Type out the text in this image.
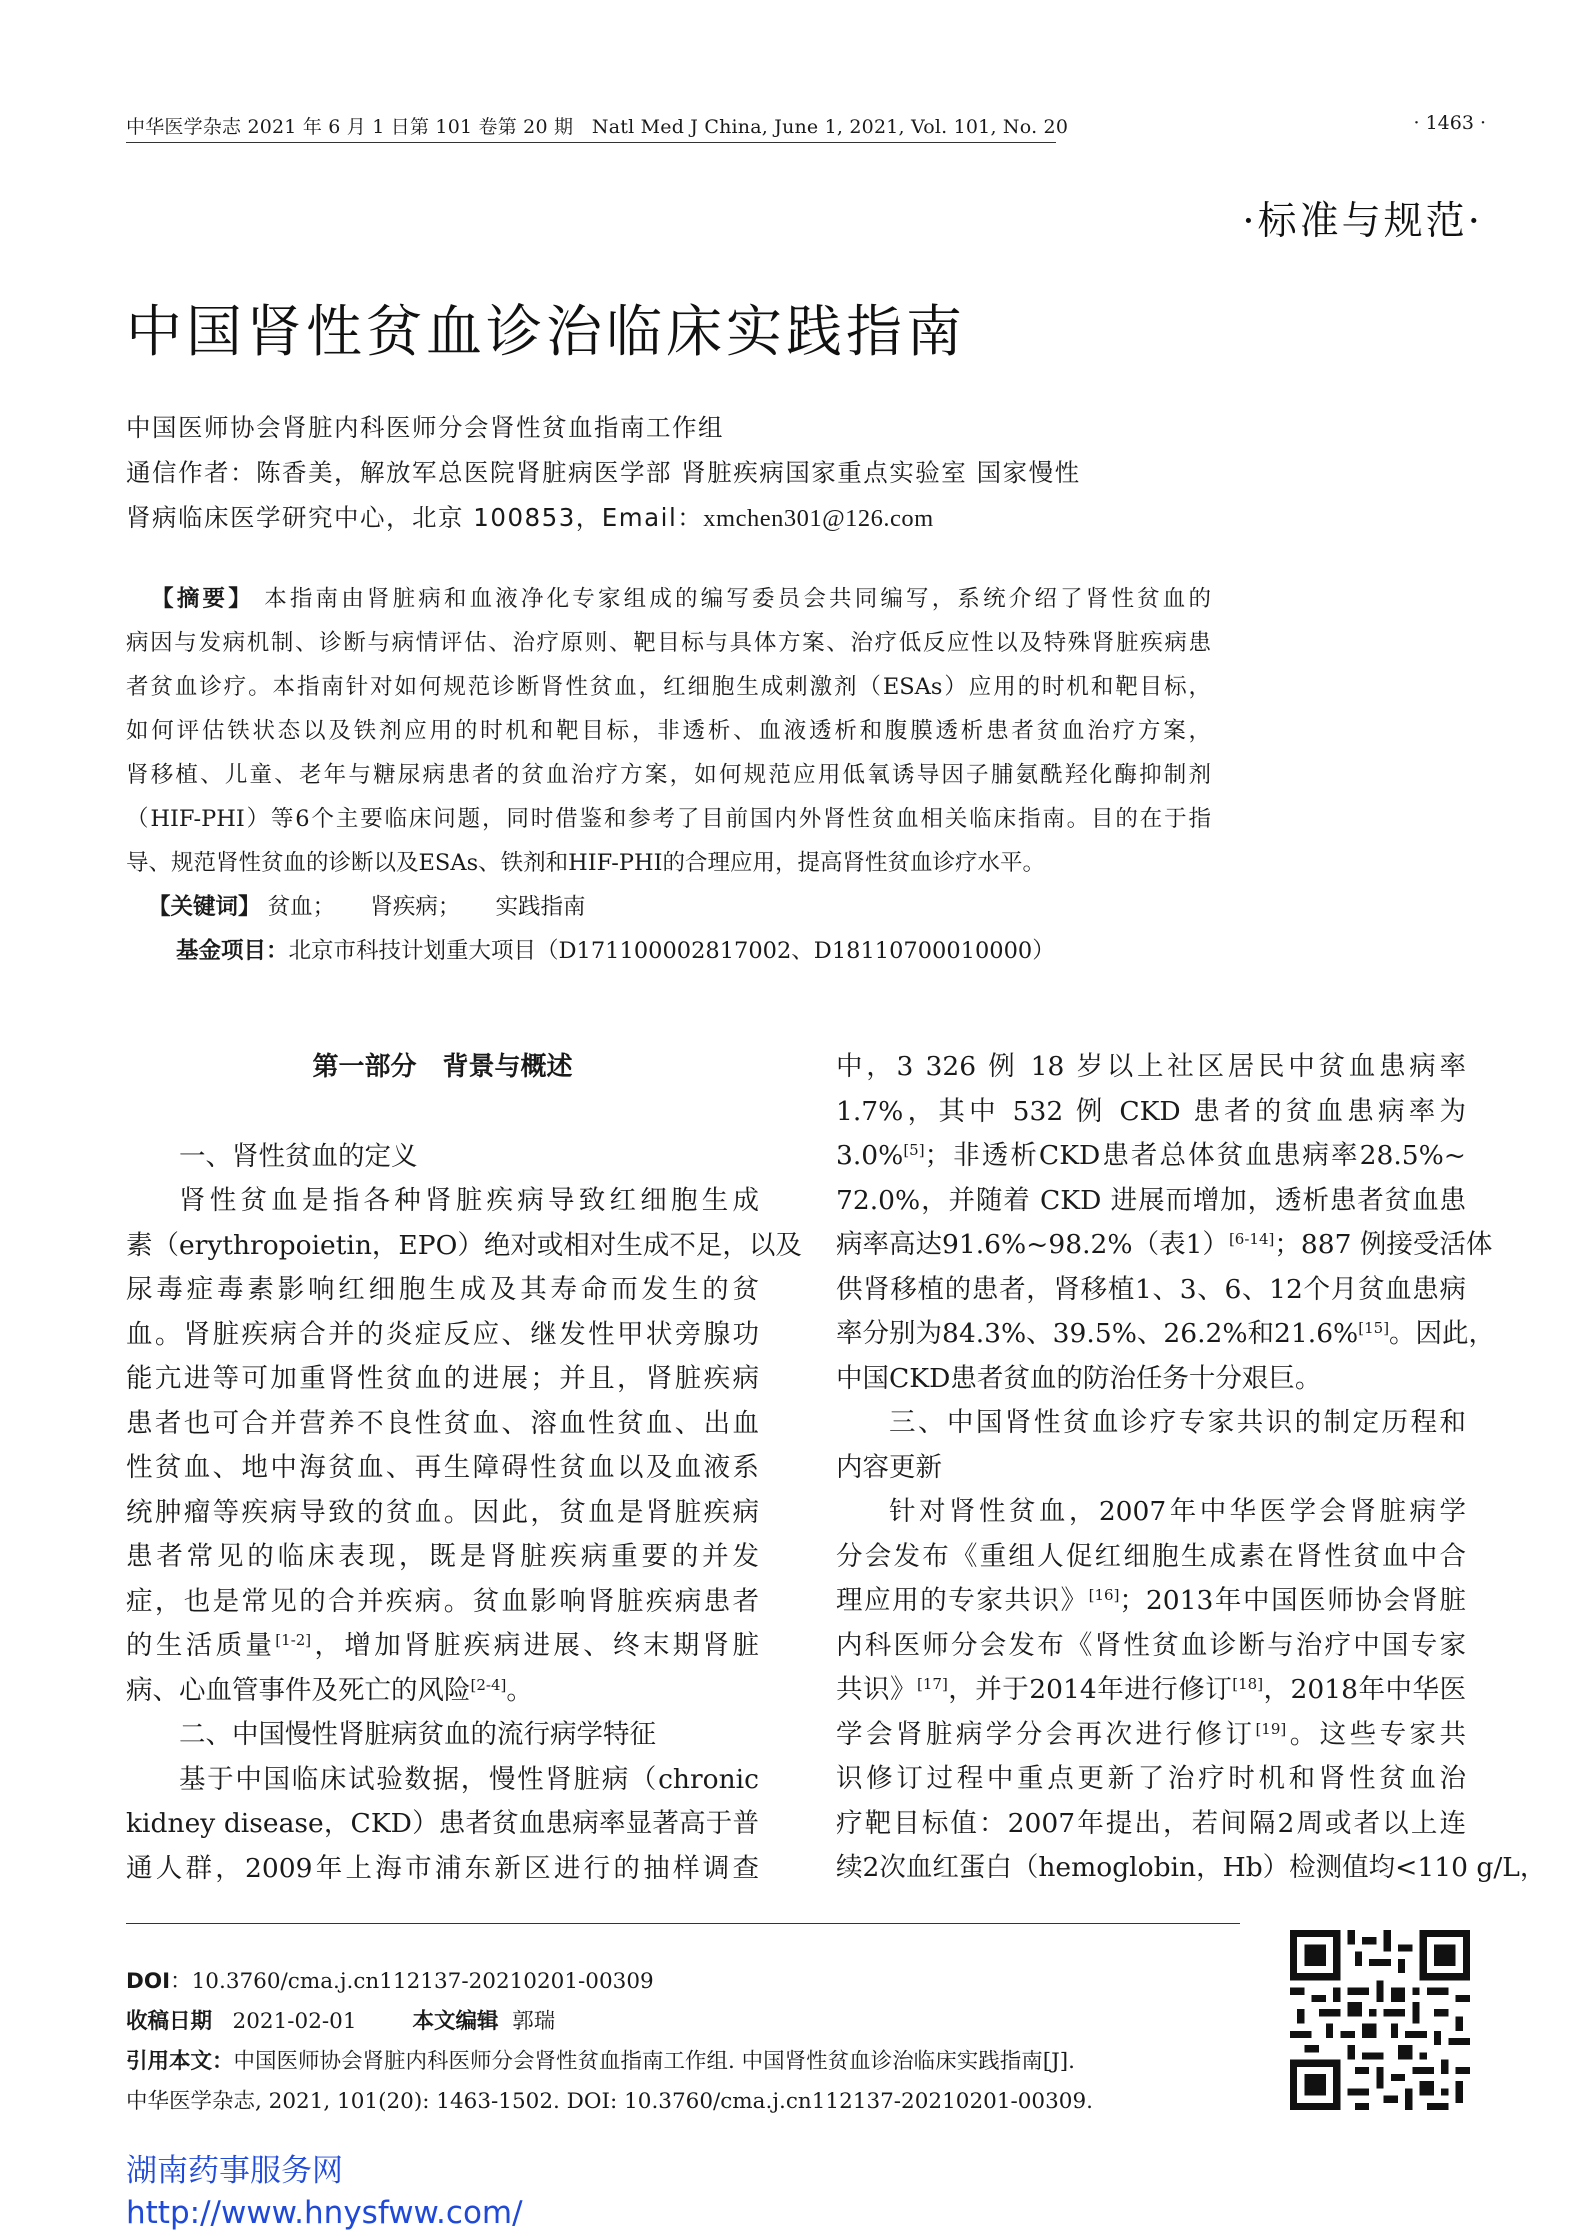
中华医学杂志 2021 年 6 月 1 日第 101 卷第 20 期 Natl Med J China, June 1, 2021, Vol. 101, No. 20	· 1463 ·
·标准与规范·
中国肾性贫血诊治临床实践指南
中国医师协会肾脏内科医师分会肾性贫血指南工作组
通信作者：陈香美，解放军总医院肾脏病医学部 肾脏疾病国家重点实验室 国家慢性
肾病临床医学研究中心，北京 100853，Email：xmchen301@126.com
【摘要】 本指南由肾脏病和血液净化专家组成的编写委员会共同编写，系统介绍了肾性贫血的
病因与发病机制、诊断与病情评估、治疗原则、靶目标与具体方案、治疗低反应性以及特殊肾脏疾病患
者贫血诊疗。本指南针对如何规范诊断肾性贫血，红细胞生成刺激剂（ESAs）应用的时机和靶目标，
如何评估铁状态以及铁剂应用的时机和靶目标，非透析、血液透析和腹膜透析患者贫血治疗方案，
肾移植、儿童、老年与糖尿病患者的贫血治疗方案，如何规范应用低氧诱导因子脯氨酰羟化酶抑制剂
（HIF-PHI）等6个主要临床问题，同时借鉴和参考了目前国内外肾性贫血相关临床指南。目的在于指
导、规范肾性贫血的诊断以及ESAs、铁剂和HIF-PHI的合理应用，提高肾性贫血诊疗水平。
【关键词】 贫血； 肾疾病； 实践指南
基金项目：北京市科技计划重大项目（D171100002817002、D18110700010000）
第一部分　背景与概述
一、肾性贫血的定义
肾性贫血是指各种肾脏疾病导致红细胞生成
素（erythropoietin，EPO）绝对或相对生成不足，以及
尿毒症毒素影响红细胞生成及其寿命而发生的贫
血。肾脏疾病合并的炎症反应、继发性甲状旁腺功
能亢进等可加重肾性贫血的进展；并且，肾脏疾病
患者也可合并营养不良性贫血、溶血性贫血、出血
性贫血、地中海贫血、再生障碍性贫血以及血液系
统肿瘤等疾病导致的贫血。因此，贫血是肾脏疾病
患者常见的临床表现，既是肾脏疾病重要的并发
症，也是常见的合并疾病。贫血影响肾脏疾病患者
的生活质量[1-2]，增加肾脏疾病进展、终末期肾脏
病、心血管事件及死亡的风险[2-4]。
二、中国慢性肾脏病贫血的流行病学特征
基于中国临床试验数据，慢性肾脏病（chronic
kidney disease，CKD）患者贫血患病率显著高于普
通人群，2009年上海市浦东新区进行的抽样调查
中，3 326 例 18 岁以上社区居民中贫血患病率
1.7%，其中 532 例 CKD 患者的贫血患病率为
3.0%[5]；非透析CKD患者总体贫血患病率28.5%~
72.0%，并随着 CKD 进展而增加，透析患者贫血患
病率高达91.6%~98.2%（表1）[6-14]；887 例接受活体
供肾移植的患者，肾移植1、3、6、12个月贫血患病
率分别为84.3%、39.5%、26.2%和21.6%[15]。因此，
中国CKD患者贫血的防治任务十分艰巨。
三、中国肾性贫血诊疗专家共识的制定历程和
内容更新
针对肾性贫血，2007年中华医学会肾脏病学
分会发布《重组人促红细胞生成素在肾性贫血中合
理应用的专家共识》[16]；2013年中国医师协会肾脏
内科医师分会发布《肾性贫血诊断与治疗中国专家
共识》[17]，并于2014年进行修订[18]，2018年中华医
学会肾脏病学分会再次进行修订[19]。这些专家共
识修订过程中重点更新了治疗时机和肾性贫血治
疗靶目标值：2007年提出，若间隔2周或者以上连
续2次血红蛋白（hemoglobin，Hb）检测值均<110 g/L，
DOI：10.3760/cma.j.cn112137-20210201-00309
收稿日期 2021-02-01	本文编辑 郭瑞
引用本文：中国医师协会肾脏内科医师分会肾性贫血指南工作组. 中国肾性贫血诊治临床实践指南[J].
中华医学杂志, 2021, 101(20): 1463-1502. DOI: 10.3760/cma.j.cn112137-20210201-00309.
湖南药事服务网
http://www.hnysfww.com/
